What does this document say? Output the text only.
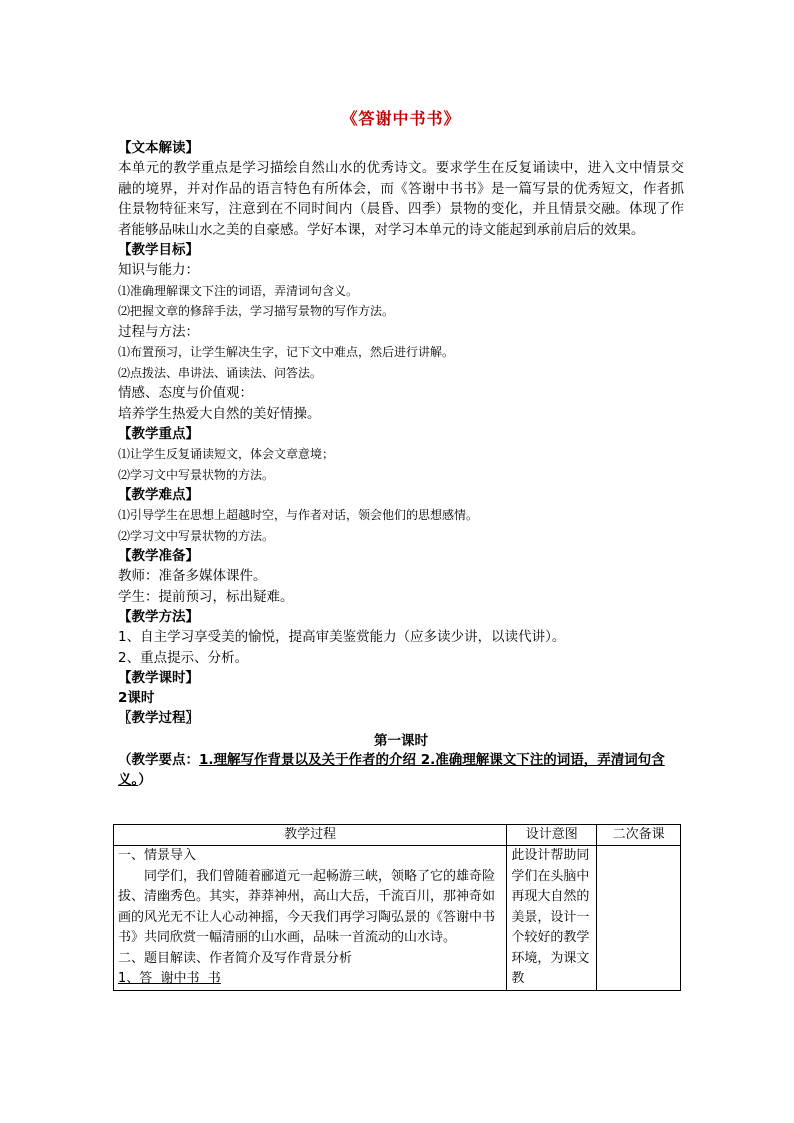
《答谢中书书》

【文本解读】

本单元的教学重点是学习描绘自然山水的优秀诗文。要求学生在反复诵读中，进入文中情景交融的境界，并对作品的语言特色有所体会，而《答谢中书书》是一篇写景的优秀短文，作者抓住景物特征来写，注意到在不同时间内（晨昏、四季）景物的变化，并且情景交融。体现了作者能够品味山水之美的自豪感。学好本课，对学习本单元的诗文能起到承前启后的效果。

【教学目标】

知识与能力：

⑴准确理解课文下注的词语，弄清词句含义。

⑵把握文章的修辞手法，学习描写景物的写作方法。

过程与方法：

⑴布置预习，让学生解决生字，记下文中难点，然后进行讲解。

⑵点拨法、串讲法、诵读法、问答法。

情感、态度与价值观：

培养学生热爱大自然的美好情操。

【教学重点】

⑴让学生反复诵读短文，体会文章意境；

⑵学习文中写景状物的方法。

【教学难点】

⑴引导学生在思想上超越时空，与作者对话，领会他们的思想感情。

⑵学习文中写景状物的方法。

【教学准备】

教师：准备多媒体课件。

学生：提前预习，标出疑难。

【教学方法】

1、自主学习享受美的愉悦，提高审美鉴赏能力（应多读少讲，以读代讲）。

2、重点提示、分析。

【教学课时】

2课时

〖教学过程〗

第一课时

（教学要点：1.理解写作背景以及关于作者的介绍 2.准确理解课文下注的词语，弄清词句含义。）

教学过程	设计意图	二次备课

一、情景导入
同学们，我们曾随着郦道元一起畅游三峡，领略了它的雄奇险拔、清幽秀色。其实，莽莽神州，高山大岳，千流百川，那神奇如画的风光无不让人心动神摇，今天我们再学习陶弘景的《答谢中书书》共同欣赏一幅清丽的山水画，品味一首流动的山水诗。
二、题目解读、作者简介及写作背景分析
1、答  谢中书  书	此设计帮助同学们在头脑中再现大自然的美景，设计一个较好的教学环境，为课文教	
